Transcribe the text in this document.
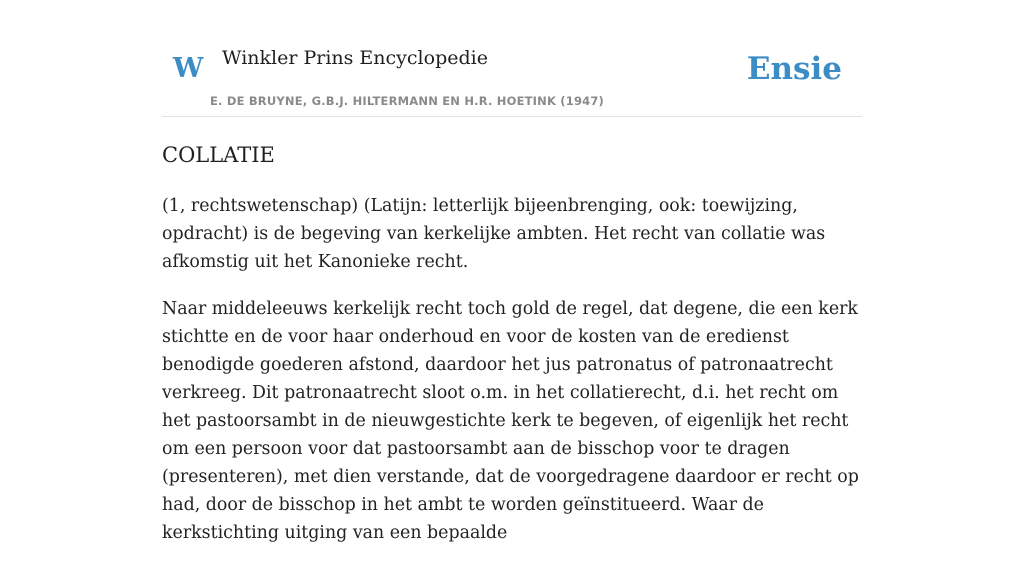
W Winkler Prins Encyclopedie
E. DE BRUYNE, G.B.J. HILTERMANN EN H.R. HOETINK (1947)
Ensie
COLLATIE

(1, rechtswetenschap) (Latijn: letterlijk bijeenbrenging, ook: toewijzing, opdracht) is de begeving van kerkelijke ambten. Het recht van collatie was afkomstig uit het Kanonieke recht.

Naar middeleeuws kerkelijk recht toch gold de regel, dat degene, die een kerk stichtte en de voor haar onderhoud en voor de kosten van de eredienst benodigde goederen afstond, daardoor het jus patronatus of patronaatrecht verkreeg. Dit patronaatrecht sloot o.m. in het collatierecht, d.i. het recht om het pastoorsambt in de nieuwgestichte kerk te begeven, of eigenlijk het recht om een persoon voor dat pastoorsambt aan de bisschop voor te dragen (presenteren), met dien verstande, dat de voorgedragene daardoor er recht op had, door de bisschop in het ambt te worden geïnstitueerd. Waar de kerkstichting uitging van een bepaalde
